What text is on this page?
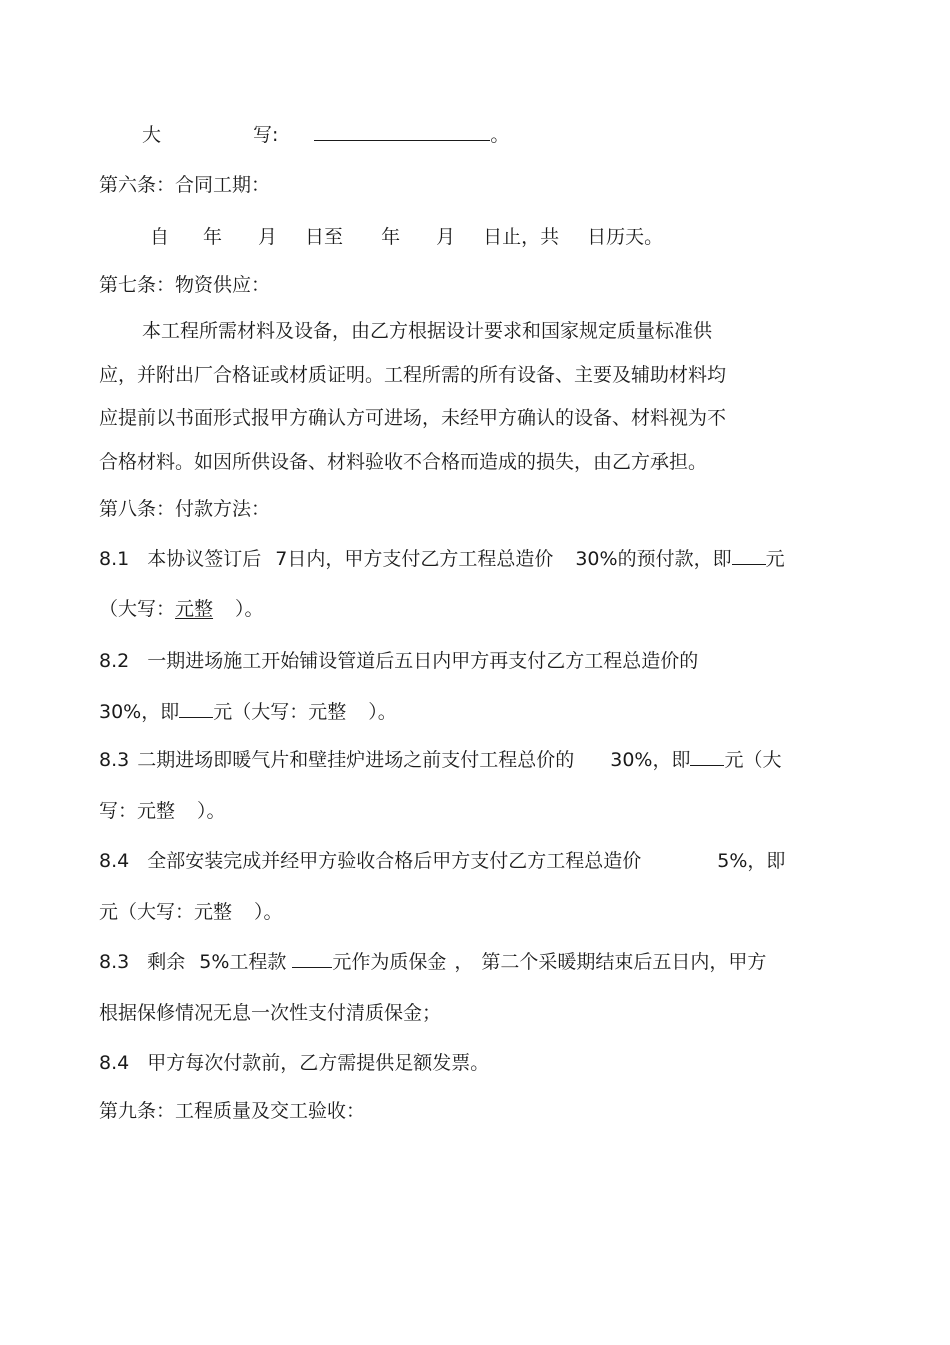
大	写:	。
第六条：合同工期：
自 年 月 日至 年 月 日止，共 日历天。
第七条：物资供应：
本工程所需材料及设备，由乙方根据设计要求和国家规定质量标准供
应，并附出厂合格证或材质证明。工程所需的所有设备、主要及辅助材料均
应提前以书面形式报甲方确认方可进场，未经甲方确认的设备、材料视为不
合格材料。如因所供设备、材料验收不合格而造成的损失，由乙方承担。
第八条：付款方法：
8.1 本协议签订后 7日内，甲方支付乙方工程总造价 30%的预付款，即 元
（大写：元整 ）。
8.2 一期进场施工开始铺设管道后五日内甲方再支付乙方工程总造价的
30%，即 元（大写：元整 ）。
8.3 二期进场即暖气片和壁挂炉进场之前支付工程总价的 30%，即 元（大
写：元整 ）。
8.4 全部安装完成并经甲方验收合格后甲方支付乙方工程总造价	5%，即
元（大写：元整 ）。
8.3 剩余 5%工程款 元作为质保金 ， 第二个采暖期结束后五日内，甲方
根据保修情况无息一次性支付清质保金；
8.4 甲方每次付款前，乙方需提供足额发票。
第九条：工程质量及交工验收：
